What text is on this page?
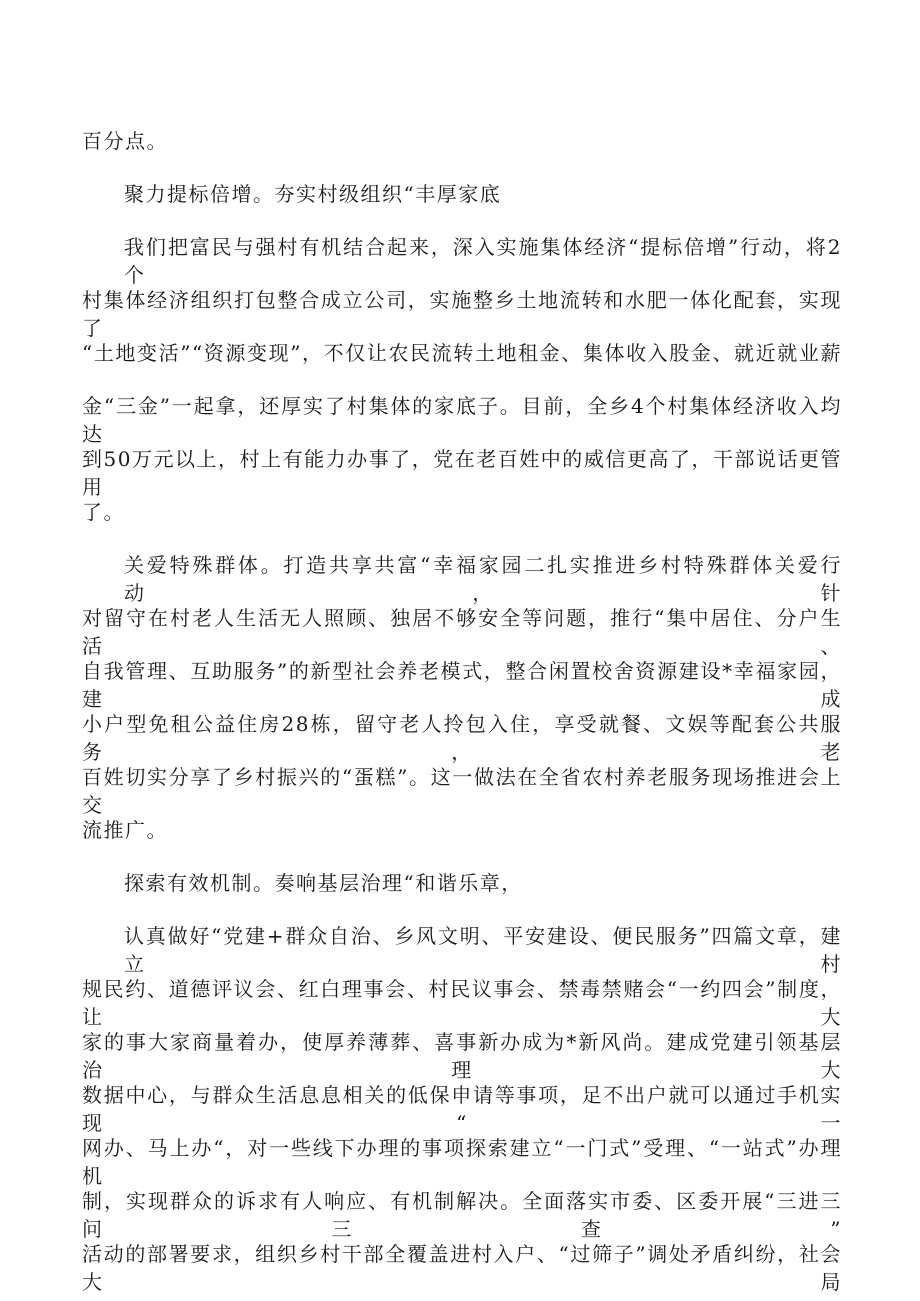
百分点。
聚力提标倍增。夯实村级组织“丰厚家底
我们把富民与强村有机结合起来，深入实施集体经济“提标倍增”行动，将2个
村集体经济组织打包整合成立公司，实施整乡土地流转和水肥一体化配套，实现了
“土地变活”“资源变现”，不仅让农民流转土地租金、集体收入股金、就近就业薪
金“三金”一起拿，还厚实了村集体的家底子。目前，全乡4个村集体经济收入均达
到50万元以上，村上有能力办事了，党在老百姓中的威信更高了，干部说话更管用
了。
关爱特殊群体。打造共享共富“幸福家园二扎实推进乡村特殊群体关爱行动，针
对留守在村老人生活无人照顾、独居不够安全等问题，推行“集中居住、分户生活、
自我管理、互助服务”的新型社会养老模式，整合闲置校舍资源建设*幸福家园，建成
小户型免租公益住房28栋，留守老人拎包入住，享受就餐、文娱等配套公共服务，老
百姓切实分享了乡村振兴的“蛋糕”。这一做法在全省农村养老服务现场推进会上交
流推广。
探索有效机制。奏响基层治理“和谐乐章，
认真做好“党建+群众自治、乡风文明、平安建设、便民服务”四篇文章，建立村
规民约、道德评议会、红白理事会、村民议事会、禁毒禁赌会“一约四会”制度，让大
家的事大家商量着办，使厚养薄葬、喜事新办成为*新风尚。建成党建引领基层治理大
数据中心，与群众生活息息相关的低保申请等事项，足不出户就可以通过手机实现“一
网办、马上办“，对一些线下办理的事项探索建立“一门式”受理、“一站式”办理机
制，实现群众的诉求有人响应、有机制解决。全面落实市委、区委开展“三进三问三查”
活动的部署要求，组织乡村干部全覆盖进村入户、“过筛子”调处矛盾纠纷，社会大局
